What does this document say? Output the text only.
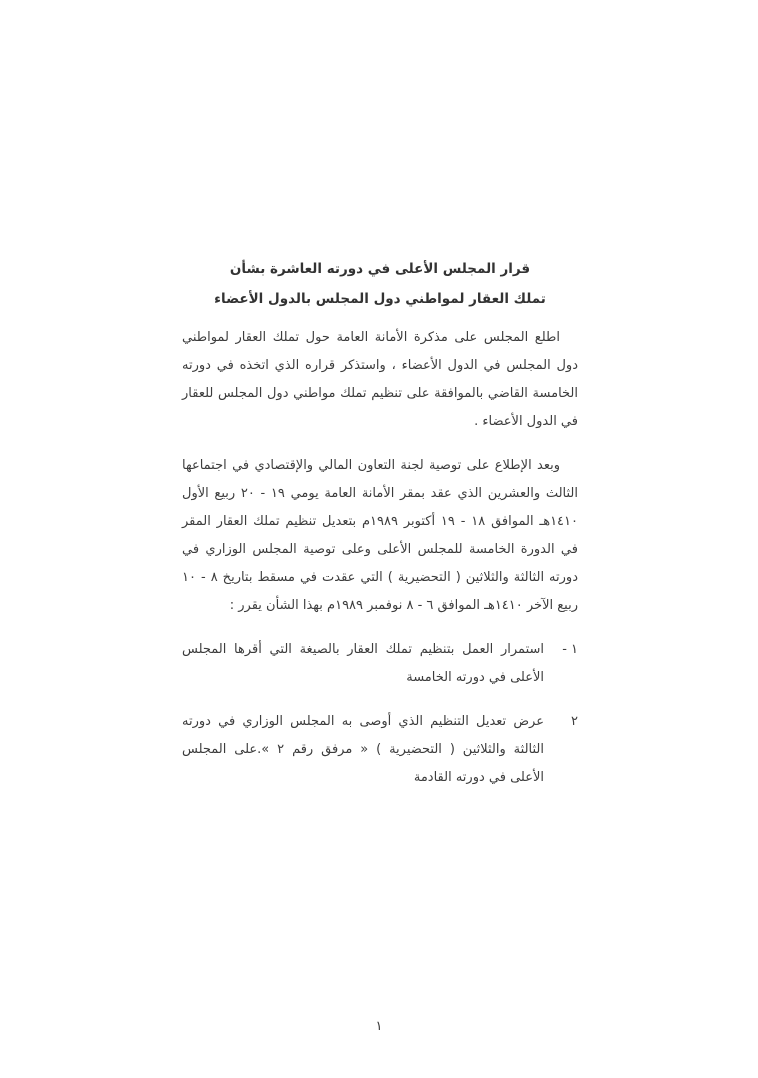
قرار المجلس الأعلى في دورته العاشرة بشأن
تملك العقار لمواطني دول المجلس بالدول الأعضاء

اطلع المجلس على مذكرة الأمانة العامة حول تملك العقار لمواطني دول المجلس في الدول الأعضاء ، واستذكر قراره الذي اتخذه في دورته الخامسة القاضي بالموافقة على تنظيم تملك مواطني دول المجلس للعقار في الدول الأعضاء .

وبعد الإطلاع على توصية لجنة التعاون المالي والإقتصادي في اجتماعها الثالث والعشرين الذي عقد بمقر الأمانة العامة يومي ١٩ - ٢٠ ربيع الأول ١٤١٠هـ الموافق ١٨ - ١٩ أكتوبر ١٩٨٩م بتعديل تنظيم تملك العقار المقر في الدورة الخامسة للمجلس الأعلى وعلى توصية المجلس الوزاري في دورته الثالثة والثلاثين ( التحضيرية ) التي عقدت في مسقط بتاريخ ٨ - ١٠ ربيع الآخر ١٤١٠هـ الموافق ٦ - ٨ نوفمبر ١٩٨٩م بهذا الشأن يقرر :

١ -
استمرار العمل بتنظيم تملك العقار بالصيغة التي أقرها المجلس الأعلى في دورته الخامسة
٢
عرض تعديل التنظيم الذي أوصى به المجلس الوزاري في دورته الثالثة والثلاثين ( التحضيرية ) « مرفق رقم ٢ ».على المجلس الأعلى في دورته القادمة
١
